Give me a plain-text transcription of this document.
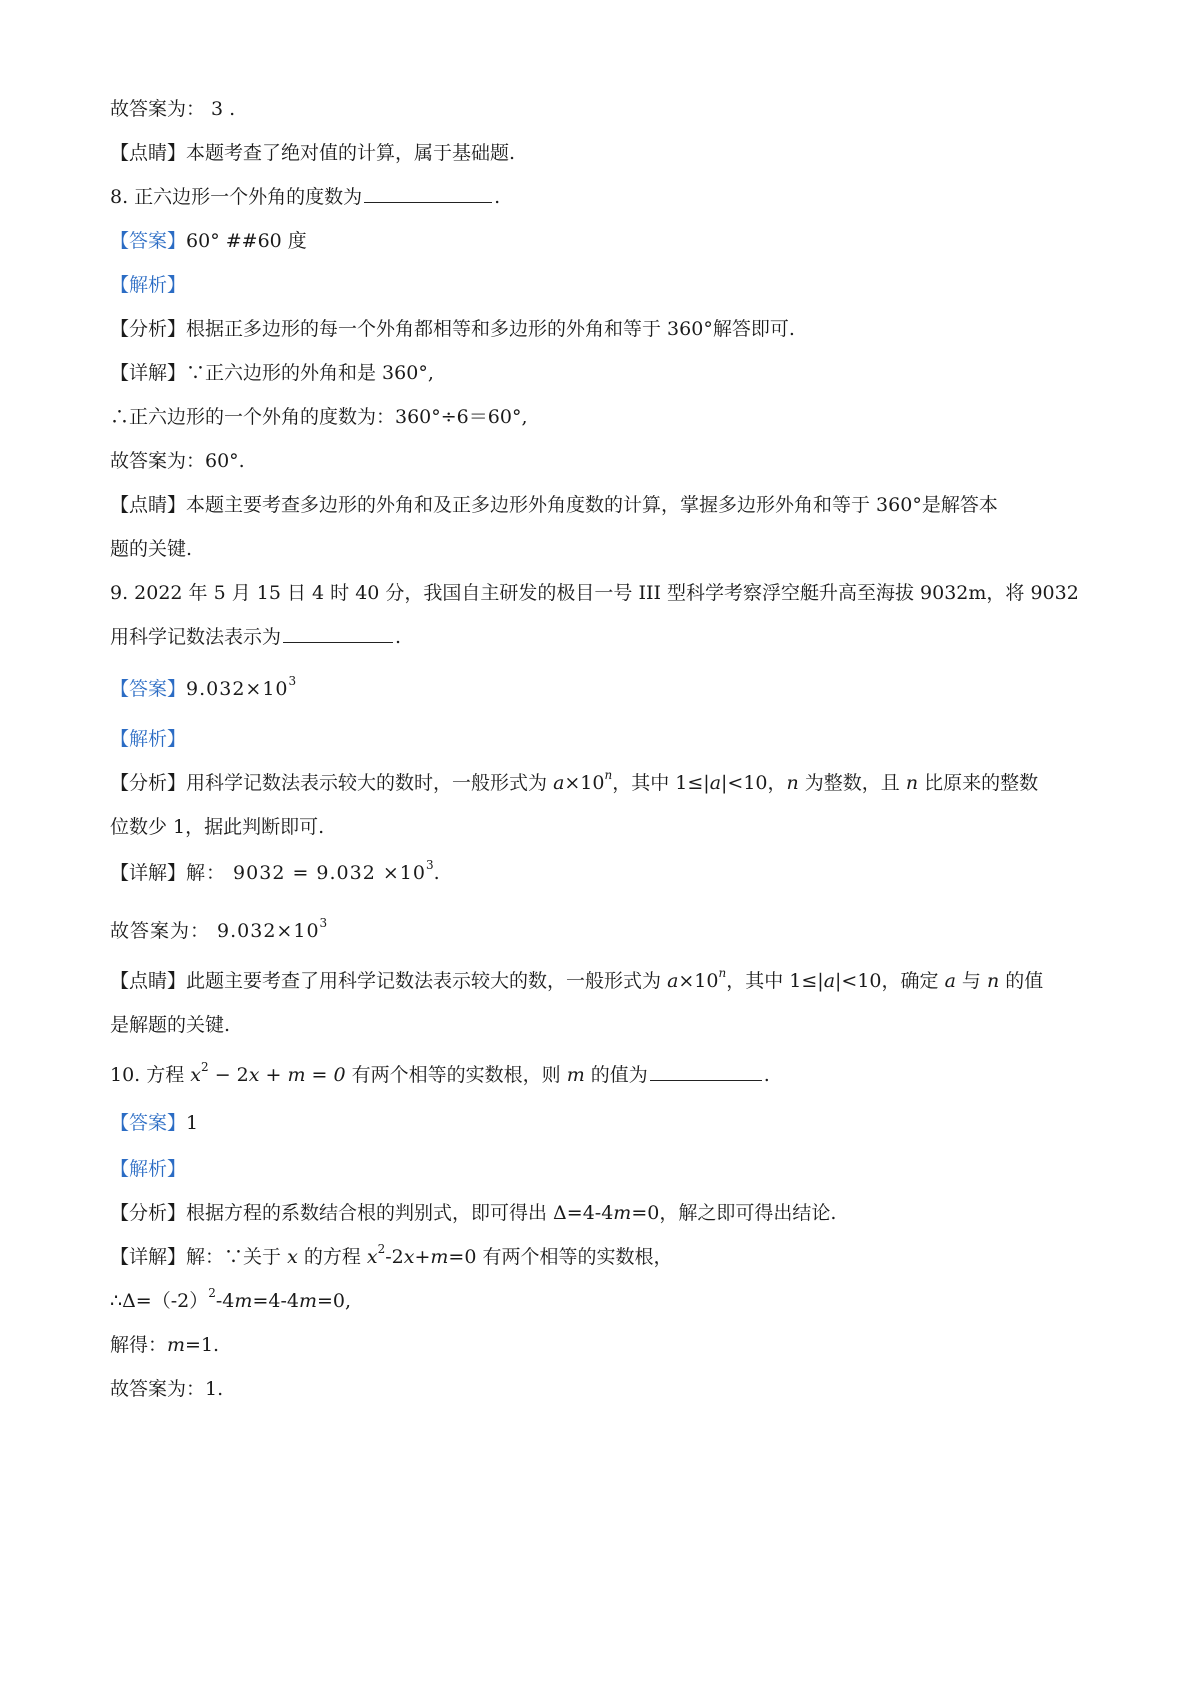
故答案为： 3 .
【点睛】本题考查了绝对值的计算，属于基础题.
8. 正六边形一个外角的度数为	.
【答案】60° ##60 度
【解析】
【分析】根据正多边形的每一个外角都相等和多边形的外角和等于 360°解答即可.
【详解】∵正六边形的外角和是 360°,
∴正六边形的一个外角的度数为：360°÷6＝60°,
故答案为：60°.
【点睛】本题主要考查多边形的外角和及正多边形外角度数的计算，掌握多边形外角和等于 360°是解答本
题的关键.
9. 2022 年 5 月 15 日 4 时 40 分，我国自主研发的极目一号 III 型科学考察浮空艇升高至海拔 9032m，将 9032
用科学记数法表示为	.
【答案】$9.032\times 10^3$
【解析】
【分析】用科学记数法表示较大的数时，一般形式为 $a\times 10^n$，其中 1≤|a|<10，n 为整数，且 n 比原来的整数
位数少 1，据此判断即可.
【详解】解： $9032 = 9.032 \times 10^3$.
故答案为： $9.032\times 10^3$
【点睛】此题主要考查了用科学记数法表示较大的数，一般形式为 $a\times 10^n$，其中 1≤|a|<10，确定 a 与 n 的值
是解题的关键.
10. 方程 $x^2 - 2x + m = 0$ 有两个相等的实数根，则 m 的值为	.
【答案】1
【解析】
【分析】根据方程的系数结合根的判别式，即可得出 Δ=4-4m=0，解之即可得出结论.
【详解】解：∵关于 x 的方程 $x^2-2x+m=0$ 有两个相等的实数根，
$\therefore\Delta=(-2)^2-4m=4-4m=0$,
解得：m=1.
故答案为：1.
